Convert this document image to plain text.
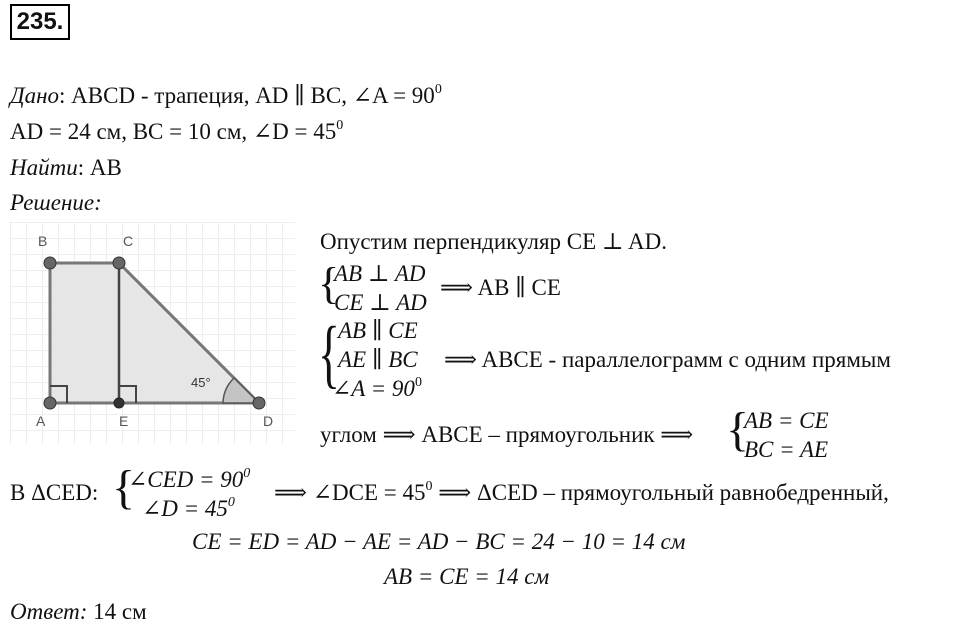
235.
Дано: ABCD - трапеция, AD ∥ BC, ∠A = $90^0$
AD = 24 см, BC = 10 см, ∠D = $45^0$
Найти: AB
Решение:
B	C
A	E	D
45°
Опустим перпендикуляр CE ⊥ AD.
{
AB ⊥ AD
CE ⊥ AD
⟹ AB ∥ CE
{
AB ∥ CE
AE ∥ BC
∠A = $90^0$
⟹ ABCE - параллелограмм с одним прямым
углом ⟹ ABCE – прямоугольник ⟹ {
AB = CE
BC = AE
В ΔCED: {
∠CED = $90^0$
∠D = $45^0$ ⟹ ∠DCE = $45^0$ ⟹ ΔCED – прямоугольный равнобедренный,
CE = ED = AD − AE = AD − BC = 24 − 10 = 14 см
AB = CE = 14 см
Ответ: 14 см
